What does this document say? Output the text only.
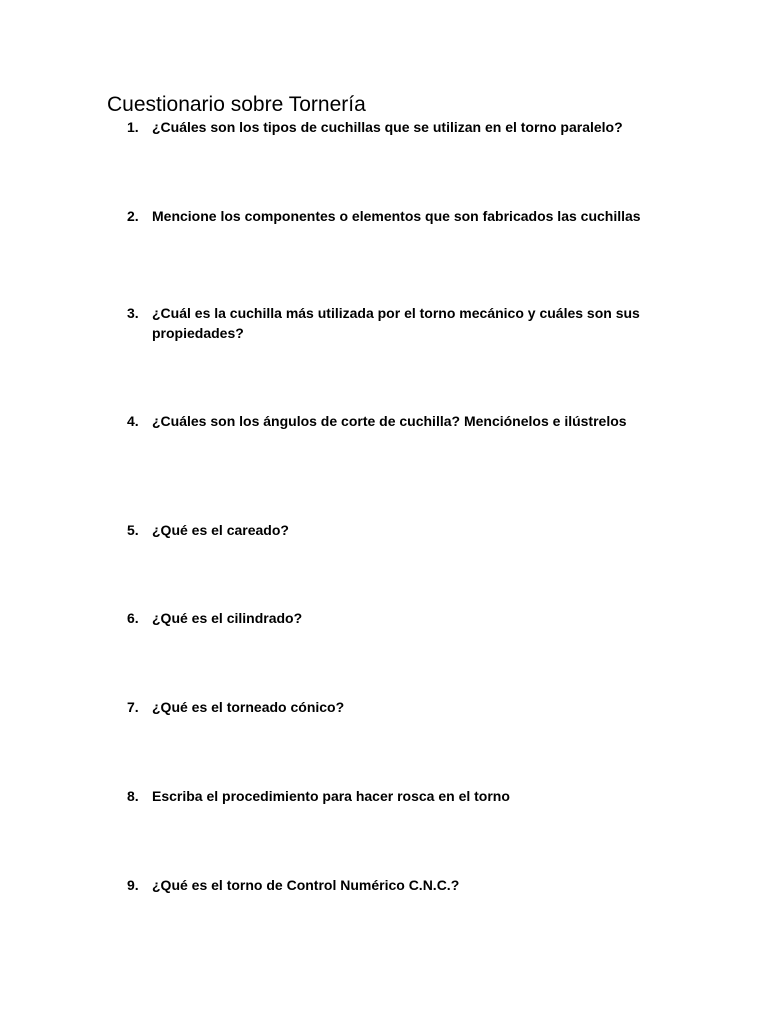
Cuestionario sobre Tornería
1. ¿Cuáles son los tipos de cuchillas que se utilizan en el torno paralelo?
2. Mencione los componentes o elementos que son fabricados las cuchillas
3. ¿Cuál es la cuchilla más utilizada por el torno mecánico y cuáles son sus propiedades?
4. ¿Cuáles son los ángulos de corte de cuchilla? Menciónelos e ilústrelos
5. ¿Qué es el careado?
6. ¿Qué es el cilindrado?
7. ¿Qué es el torneado cónico?
8. Escriba el procedimiento para hacer rosca en el torno
9. ¿Qué es el torno de Control Numérico C.N.C.?
